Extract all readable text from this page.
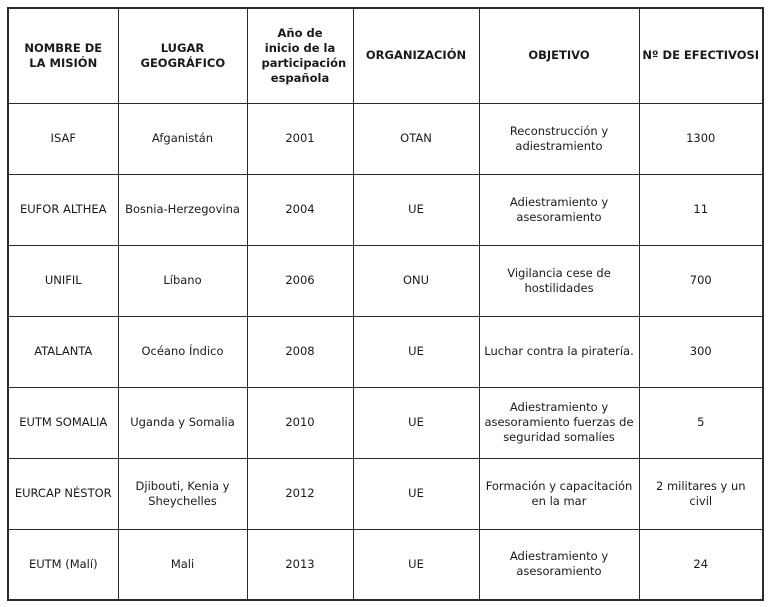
NOMBRE DE LA MISIÓN	LUGAR GEOGRÁFICO	Año de inicio de la participación española	ORGANIZACIÓN	OBJETIVO	Nº DE EFECTIVOSI
ISAF	Afganistán	2001	OTAN	Reconstrucción y adiestramiento	1300
EUFOR ALTHEA	Bosnia-Herzegovina	2004	UE	Adiestramiento y asesoramiento	11
UNIFIL	Líbano	2006	ONU	Vigilancia cese de hostilidades	700
ATALANTA	Océano Índico	2008	UE	Luchar contra la piratería.	300
EUTM SOMALIA	Uganda y Somalia	2010	UE	Adiestramiento y asesoramiento fuerzas de seguridad somalíes	5
EURCAP NÉSTOR	Djibouti, Kenia y Sheychelles	2012	UE	Formación y capacitación en la mar	2 militares y un civil
EUTM (Malí)	Mali	2013	UE	Adiestramiento y asesoramiento	24
